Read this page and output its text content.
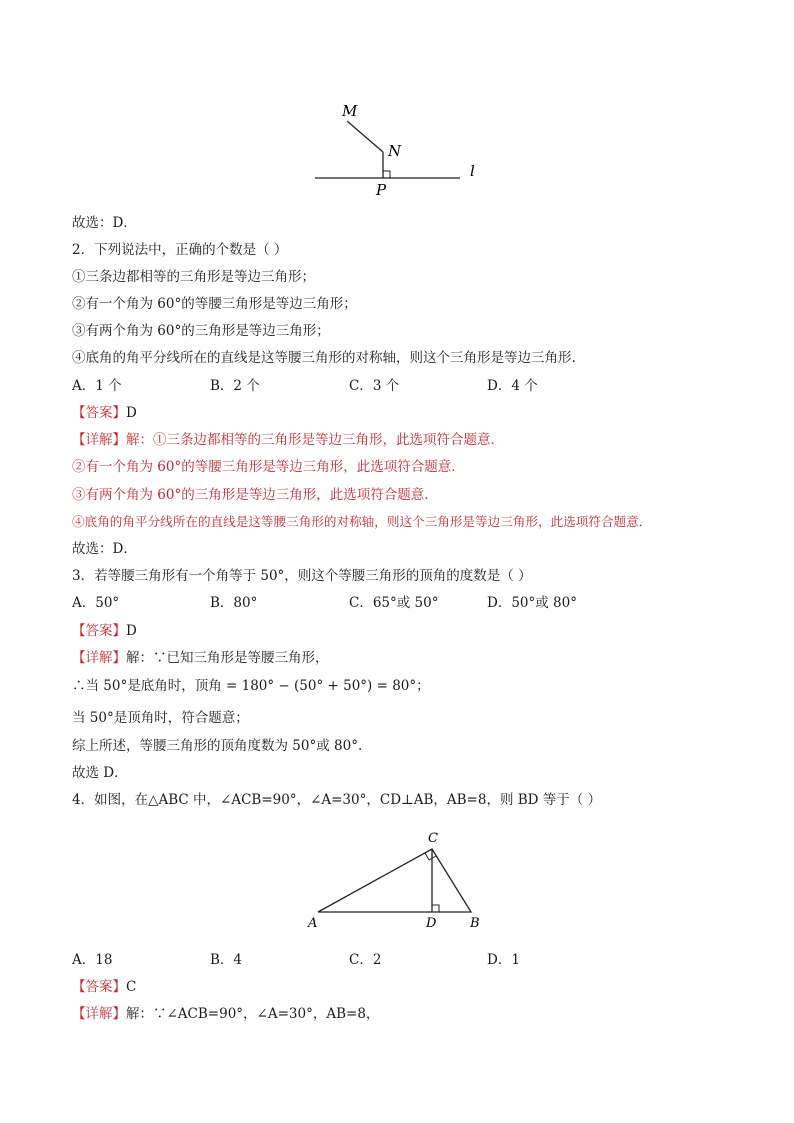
M
N
P
l
故选：D．
2．下列说法中，正确的个数是（ ）
①三条边都相等的三角形是等边三角形；
②有一个角为 60°的等腰三角形是等边三角形；
③有两个角为 60°的三角形是等边三角形；
④底角的角平分线所在的直线是这等腰三角形的对称轴，则这个三角形是等边三角形.
A．1 个	B．2 个	C．3 个	D．4 个
【答案】D
【详解】解：①三条边都相等的三角形是等边三角形，此选项符合题意．
②有一个角为 60°的等腰三角形是等边三角形，此选项符合题意．
③有两个角为 60°的三角形是等边三角形，此选项符合题意．
④底角的角平分线所在的直线是这等腰三角形的对称轴，则这个三角形是等边三角形，此选项符合题意．
故选：D．
3．若等腰三角形有一个角等于 50°，则这个等腰三角形的顶角的度数是（ ）
A．50°	B．80°	C．65°或 50°	D．50°或 80°
【答案】D
【详解】解：∵已知三角形是等腰三角形，
∴当 50°是底角时，顶角 = 180° − (50° + 50°) = 80°；
当 50°是顶角时，符合题意；
综上所述，等腰三角形的顶角度数为 50°或 80°.
故选 D．
4．如图，在△ABC 中，∠ACB=90°，∠A=30°，CD⊥AB，AB=8，则 BD 等于（ ）
A	B
C
D
A．18	B．4	C．2	D．1
【答案】C
【详解】解：∵∠ACB=90°，∠A=30°，AB=8，
